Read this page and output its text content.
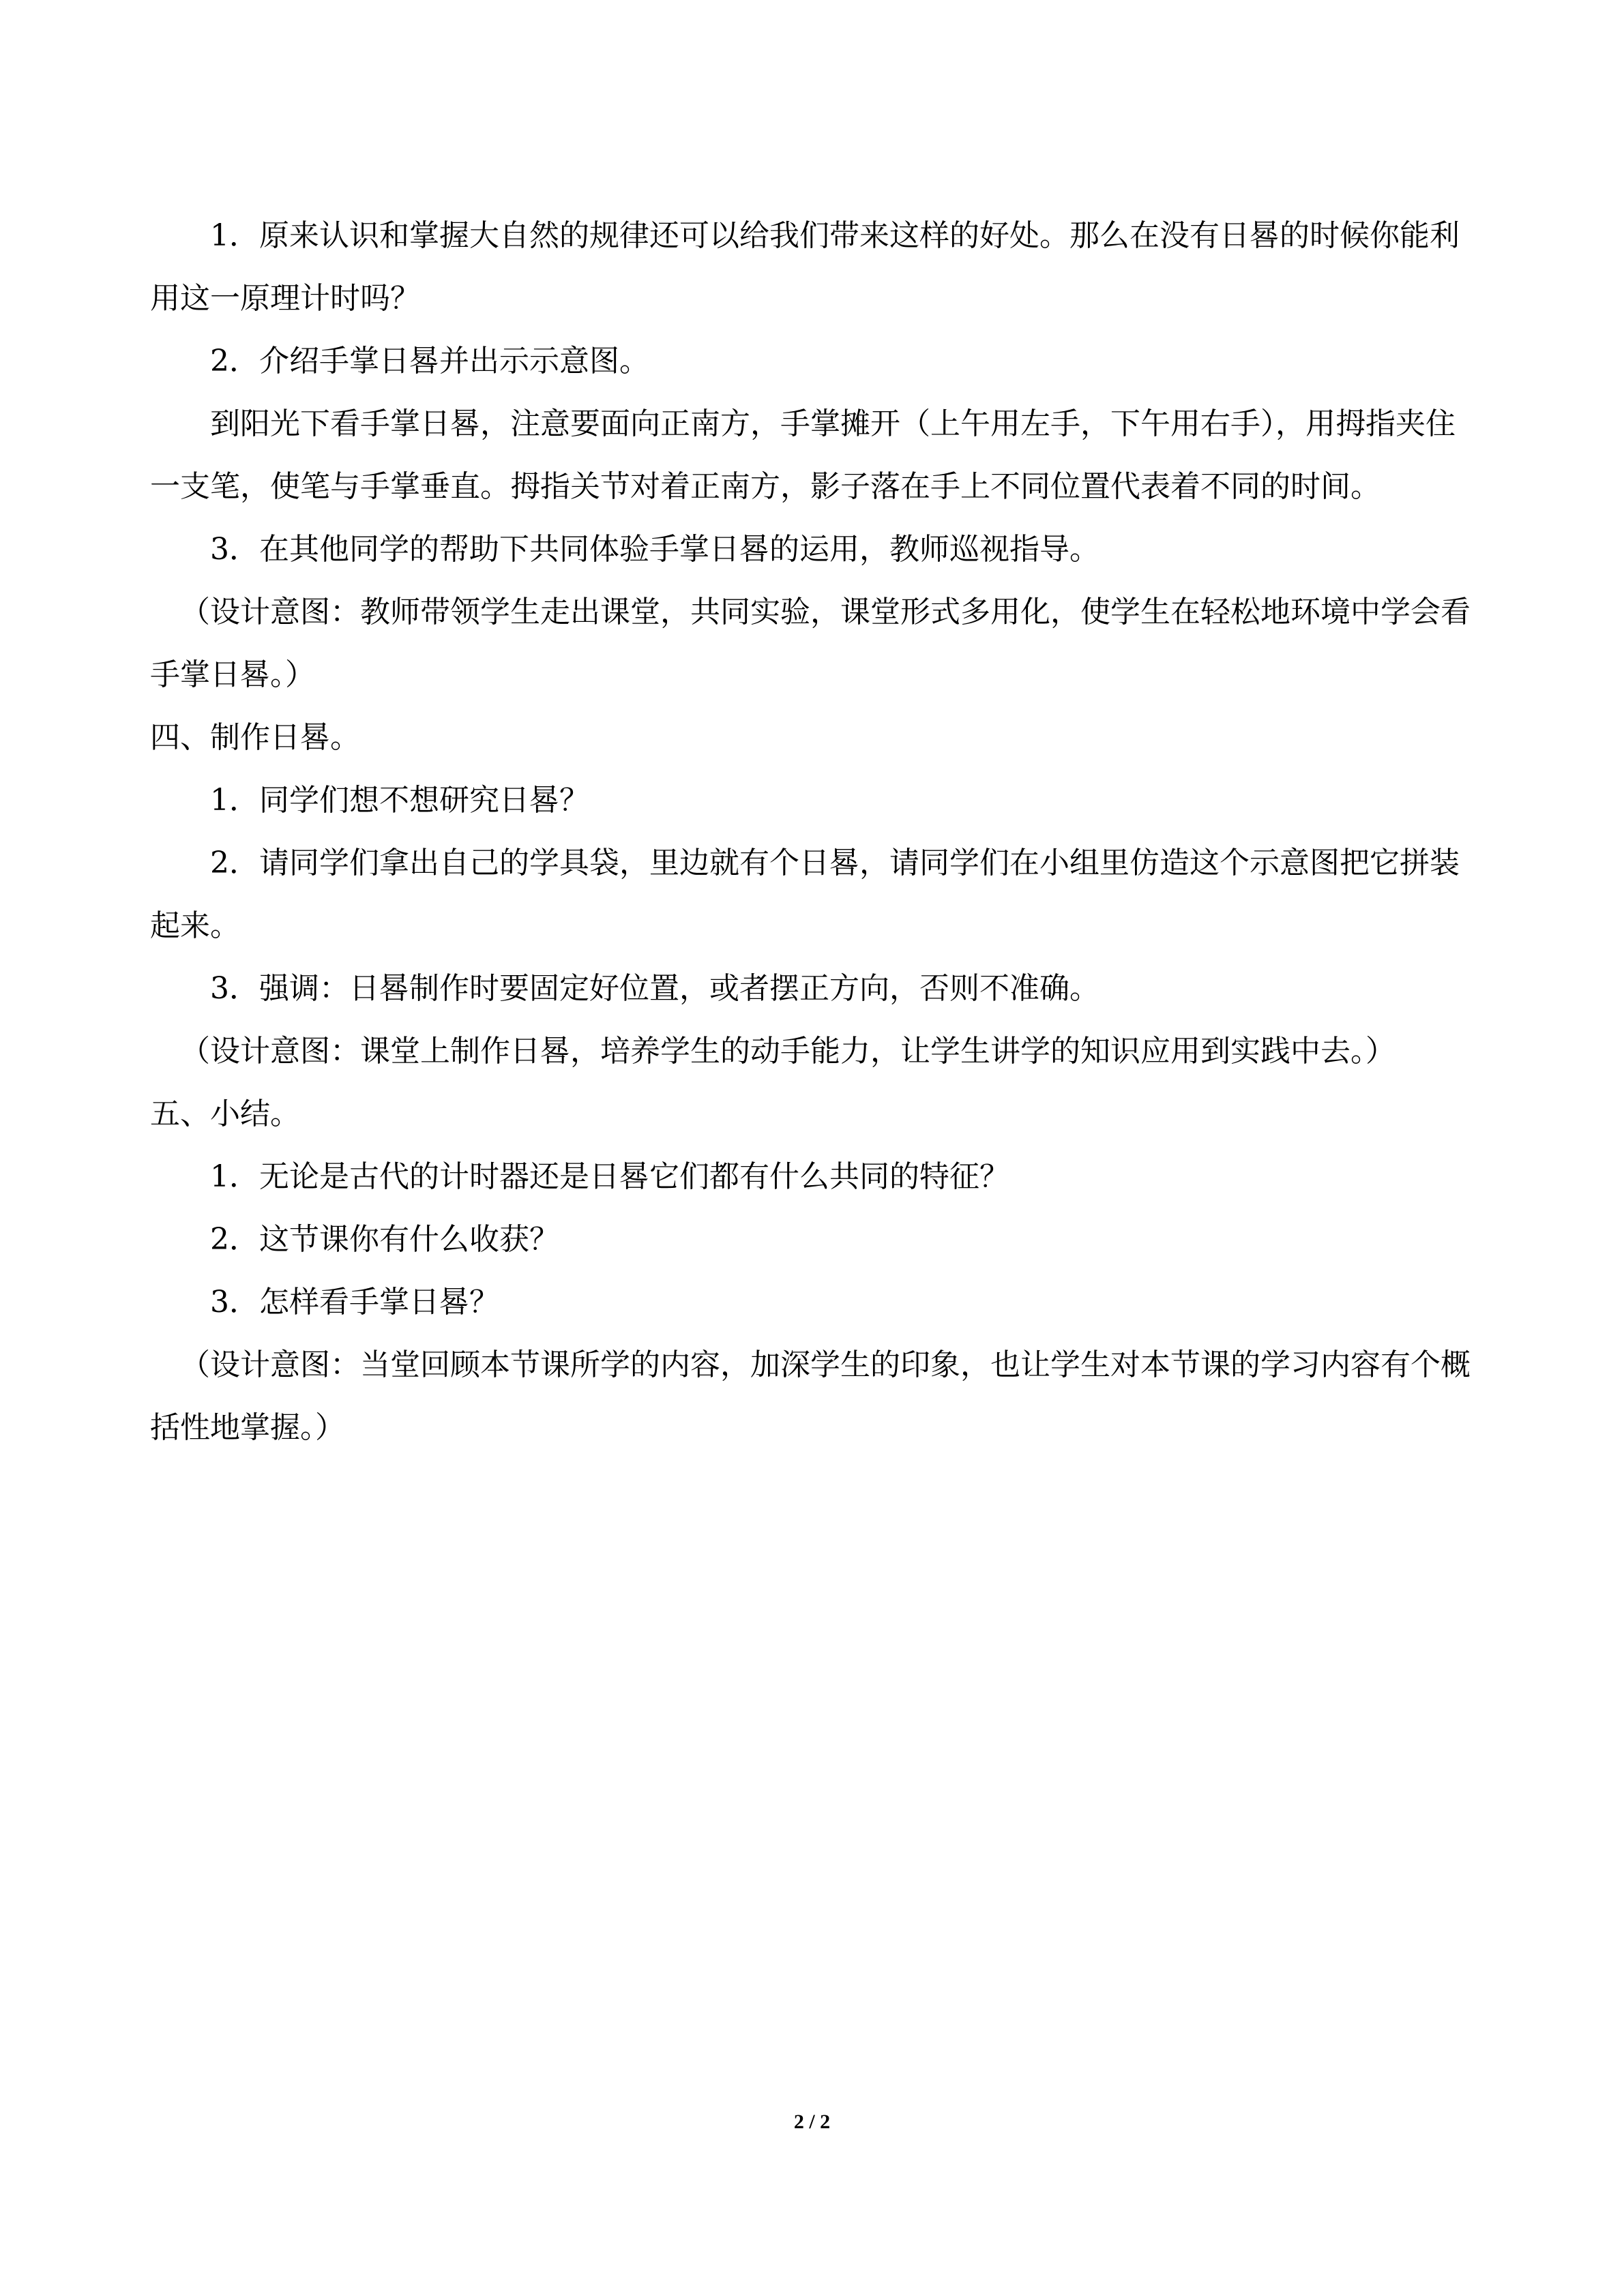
1．原来认识和掌握大自然的规律还可以给我们带来这样的好处。那么在没有日晷的时候你能利用这一原理计时吗？

2．介绍手掌日晷并出示示意图。

到阳光下看手掌日晷，注意要面向正南方，手掌摊开（上午用左手，下午用右手），用拇指夹住一支笔，使笔与手掌垂直。拇指关节对着正南方，影子落在手上不同位置代表着不同的时间。

3．在其他同学的帮助下共同体验手掌日晷的运用，教师巡视指导。

（设计意图：教师带领学生走出课堂，共同实验，课堂形式多用化，使学生在轻松地环境中学会看手掌日晷。）

四、制作日晷。

1．同学们想不想研究日晷？

2．请同学们拿出自己的学具袋，里边就有个日晷，请同学们在小组里仿造这个示意图把它拼装起来。

3．强调：日晷制作时要固定好位置，或者摆正方向，否则不准确。

（设计意图：课堂上制作日晷，培养学生的动手能力，让学生讲学的知识应用到实践中去。）

五、小结。

1．无论是古代的计时器还是日晷它们都有什么共同的特征？

2．这节课你有什么收获？

3．怎样看手掌日晷？

（设计意图：当堂回顾本节课所学的内容，加深学生的印象，也让学生对本节课的学习内容有个概括性地掌握。）

2 / 2
